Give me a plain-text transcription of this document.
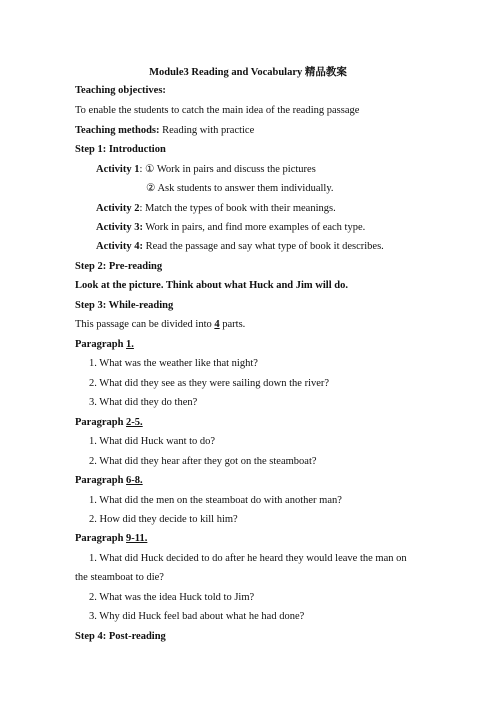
Module3 Reading and Vocabulary 精品教案
Teaching objectives:
To enable the students to catch the main idea of the reading passage
Teaching methods: Reading with practice
Step 1: Introduction
Activity 1: ① Work in pairs and discuss the pictures
② Ask students to answer them individually.
Activity 2: Match the types of book with their meanings.
Activity 3: Work in pairs, and find more examples of each type.
Activity 4: Read the passage and say what type of book it describes.
Step 2: Pre-reading
Look at the picture. Think about what Huck and Jim will do.
Step 3: While-reading
This passage can be divided into 4 parts.
Paragraph 1.
1. What was the weather like that night?
2. What did they see as they were sailing down the river?
3. What did they do then?
Paragraph 2-5.
1. What did Huck want to do?
2. What did they hear after they got on the steamboat?
Paragraph 6-8.
1. What did the men on the steamboat do with another man?
2. How did they decide to kill him?
Paragraph 9-11.
1. What did Huck decided to do after he heard they would leave the man on
the steamboat to die?
2. What was the idea Huck told to Jim?
3. Why did Huck feel bad about what he had done?
Step 4: Post-reading
